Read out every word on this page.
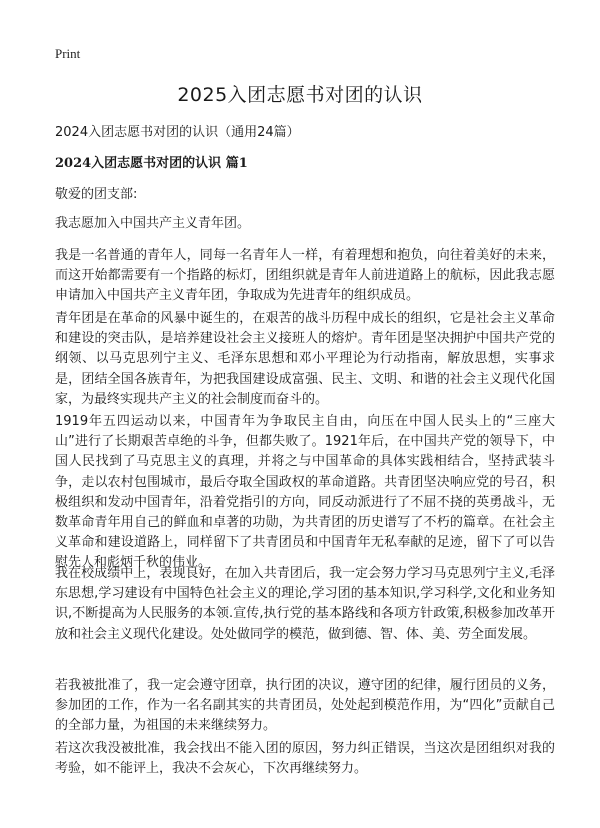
Print
2025入团志愿书对团的认识
2024入团志愿书对团的认识（通用24篇）
2024入团志愿书对团的认识 篇1
敬爱的团支部:
我志愿加入中国共产主义青年团。
我是一名普通的青年人，同每一名青年人一样，有着理想和抱负，向往着美好的未来，而这开始都需要有一个指路的标灯，团组织就是青年人前进道路上的航标，因此我志愿申请加入中国共产主义青年团，争取成为先进青年的组织成员。
青年团是在革命的风暴中诞生的，在艰苦的战斗历程中成长的组织，它是社会主义革命和建设的突击队，是培养建设社会主义接班人的熔炉。青年团是坚决拥护中国共产党的纲领、以马克思列宁主义、毛泽东思想和邓小平理论为行动指南，解放思想，实事求是，团结全国各族青年，为把我国建设成富强、民主、文明、和谐的社会主义现代化国家，为最终实现共产主义的社会制度而奋斗的。
1919年五四运动以来，中国青年为争取民主自由，向压在中国人民头上的“三座大山”进行了长期艰苦卓绝的斗争，但都失败了。1921年后，在中国共产党的领导下，中国人民找到了马克思主义的真理，并将之与中国革命的具体实践相结合，坚持武装斗争，走以农村包围城市，最后夺取全国政权的革命道路。共青团坚决响应党的号召，积极组织和发动中国青年，沿着党指引的方向，同反动派进行了不屈不挠的英勇战斗，无数革命青年用自己的鲜血和卓著的功勋，为共青团的历史谱写了不朽的篇章。在社会主义革命和建设道路上，同样留下了共青团员和中国青年无私奉献的足迹，留下了可以告慰先人和彪炳千秋的伟业。
我在校成绩中上，表现良好，在加入共青团后，我一定会努力学习马克思列宁主义,毛泽东思想,学习建设有中国特色社会主义的理论,学习团的基本知识,学习科学,文化和业务知识,不断提高为人民服务的本领.宣传,执行党的基本路线和各项方针政策,积极参加改革开放和社会主义现代化建设。处处做同学的模范，做到德、智、体、美、劳全面发展。
若我被批准了，我一定会遵守团章，执行团的决议，遵守团的纪律，履行团员的义务，参加团的工作，作为一名名副其实的共青团员，处处起到模范作用，为“四化”贡献自己的全部力量，为祖国的未来继续努力。
若这次我没被批准，我会找出不能入团的原因，努力纠正错误，当这次是团组织对我的考验，如不能评上，我决不会灰心，下次再继续努力。
